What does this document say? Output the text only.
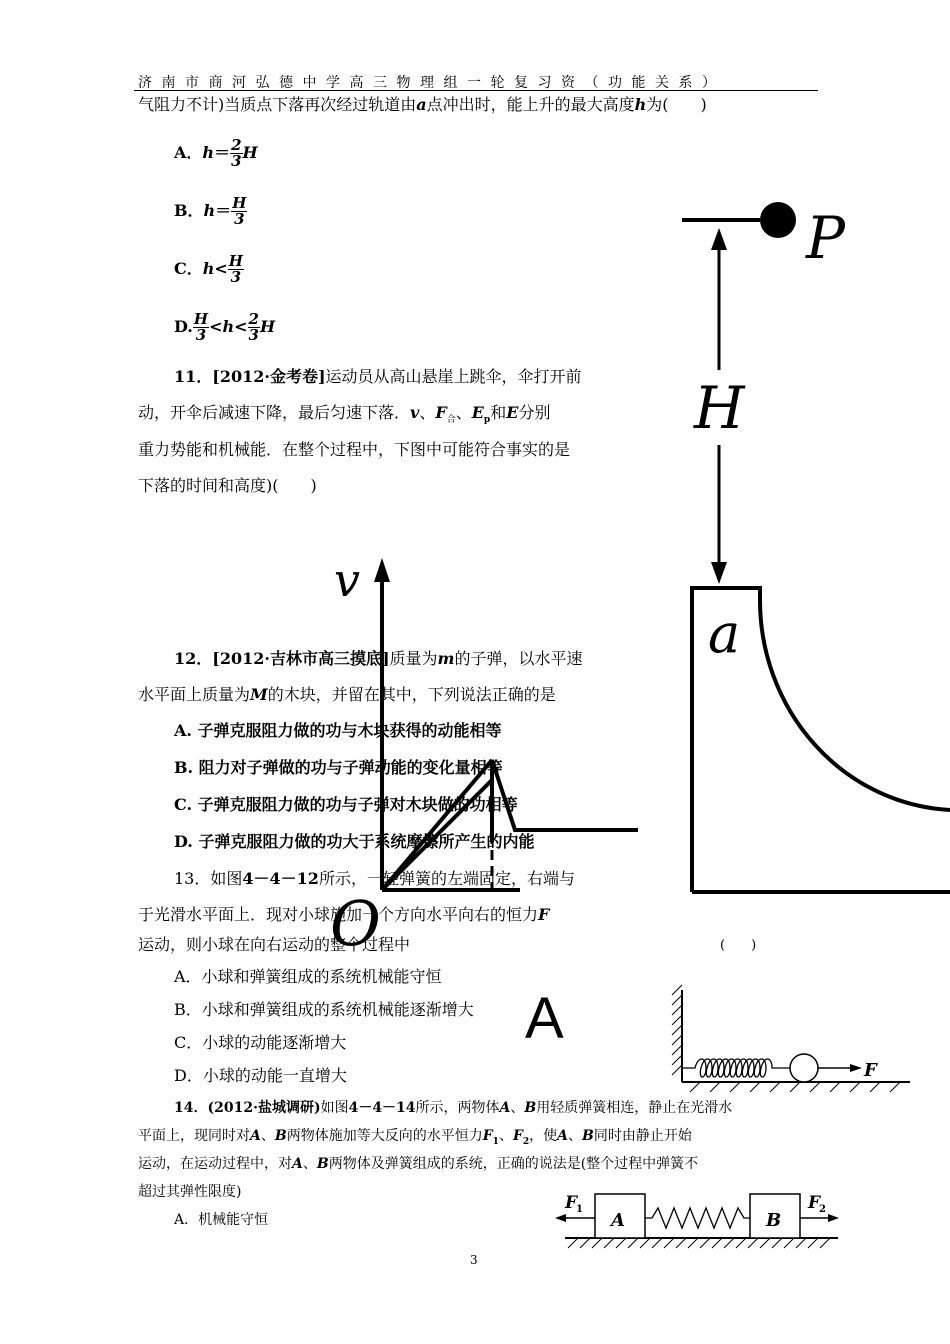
济南市商河弘德中学高三物理组一轮复习资（功能关系）
气阻力不计)当质点下落再次经过轨道由a点冲出时，能上升的最大高度h为(　　)
A．$h= \frac{2}{3}$ H
B．$h= \frac{H}{3}$
C．$h< \frac{H}{3}$
D. $\frac{H}{3} <h< \frac{2}{3}$ H
11．[2012·金考卷]运动员从高山悬崖上跳伞，伞打开前
动，开伞后减速下降，最后匀速下落．v、$F_合$、$E_p$和E分别
重力势能和机械能．在整个过程中，下图中可能符合事实的是
下落的时间和高度)(　　)
12．[2012·吉林市高三摸底]质量为m的子弹，以水平速
水平面上质量为M的木块，并留在其中，下列说法正确的是
A. 子弹克服阻力做的功与木块获得的动能相等
B. 阻力对子弹做的功与子弹动能的变化量相等
C. 子弹克服阻力做的功与子弹对木块做的功相等
D. 子弹克服阻力做的功大于系统摩擦所产生的内能
13．如图4－4－12所示，一轻弹簧的左端固定，右端与
于光滑水平面上．现对小球施加一个方向水平向右的恒力F
运动，则小球在向右运动的整个过程中	(　　)
A．小球和弹簧组成的系统机械能守恒
B．小球和弹簧组成的系统机械能逐渐增大
C．小球的动能逐渐增大
D．小球的动能一直增大
14．(2012·盐城调研)如图4－4－14所示，两物体A、B用轻质弹簧相连，静止在光滑水
平面上，现同时对A、B两物体施加等大反向的水平恒力$F_1$、$F_2$，使A、B同时由静止开始
运动，在运动过程中，对A、B两物体及弹簧组成的系统，正确的说法是(整个过程中弹簧不
超过其弹性限度)
A．机械能守恒
P
H
a
v
O
F
A	B
F
1	F
2
A
3
